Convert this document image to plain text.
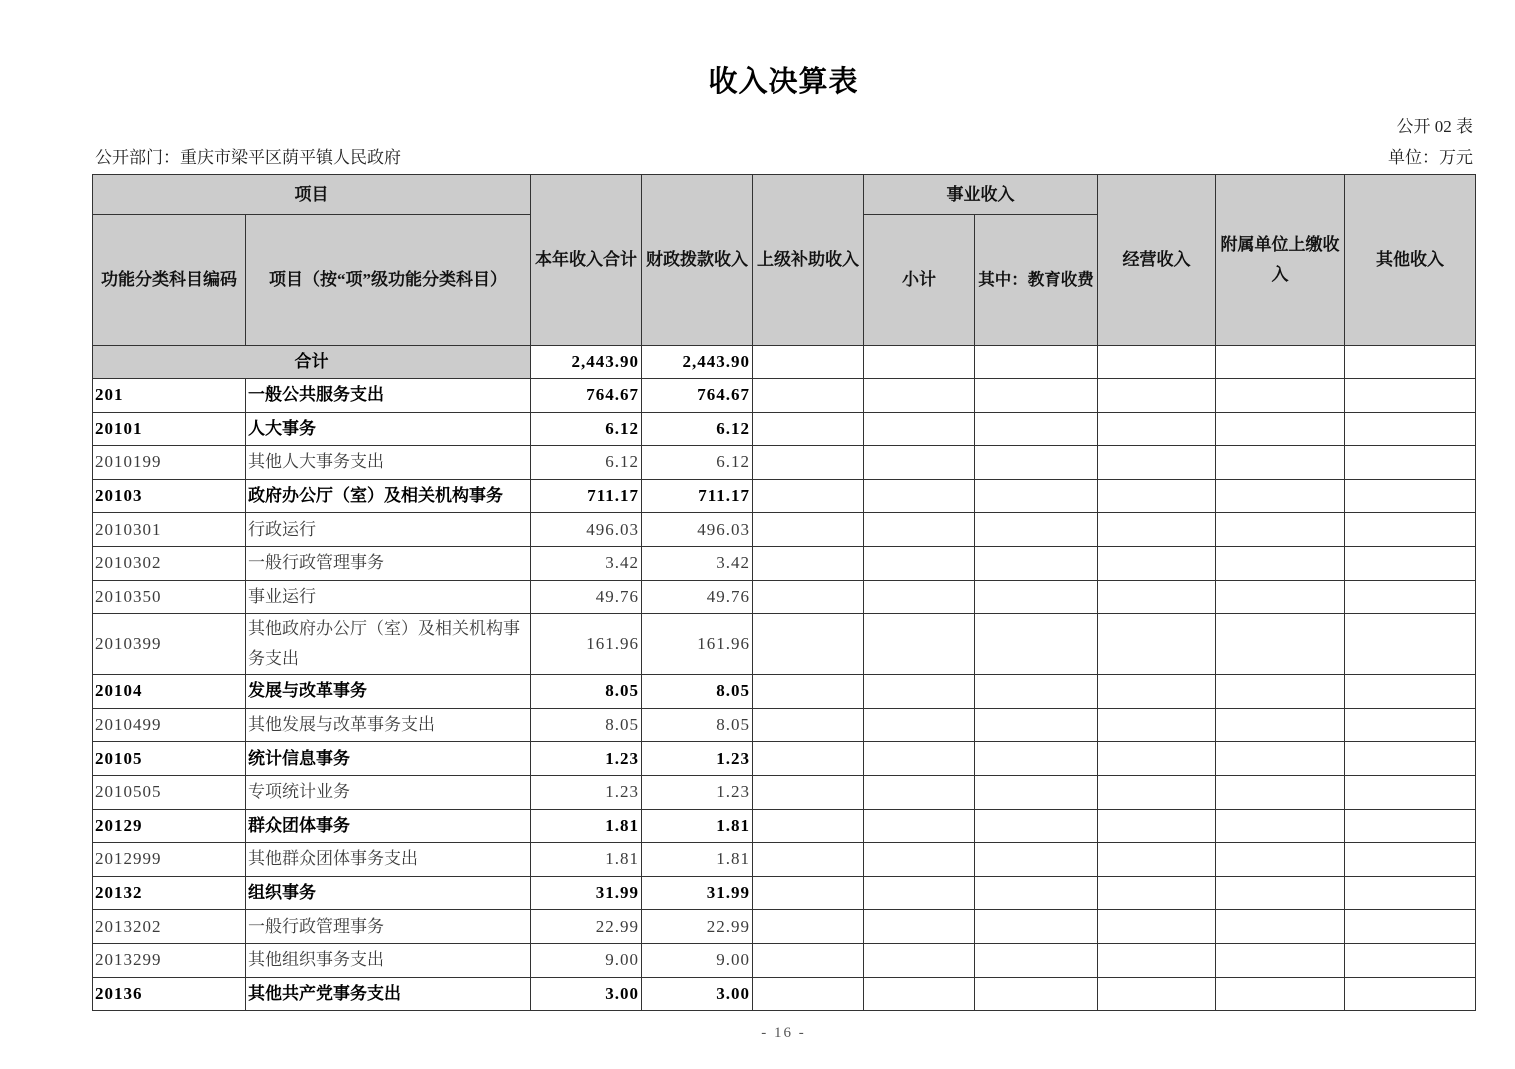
收入决算表
公开 02 表
公开部门：重庆市梁平区荫平镇人民政府	单位：万元
项目		本年收入合计	财政拨款收入	上级补助收入	事业收入		经营收入	附属单位上缴收入	其他收入
功能分类科目编码	项目（按“项”级功能分类科目）				小计	其中：教育收费			
合计		2,443.90	2,443.90						
201	一般公共服务支出	764.67	764.67						
20101	人大事务	6.12	6.12						
2010199	其他人大事务支出	6.12	6.12						
20103	政府办公厅（室）及相关机构事务	711.17	711.17						
2010301	行政运行	496.03	496.03						
2010302	一般行政管理事务	3.42	3.42						
2010350	事业运行	49.76	49.76						
2010399	其他政府办公厅（室）及相关机构事务支出	161.96	161.96						
20104	发展与改革事务	8.05	8.05						
2010499	其他发展与改革事务支出	8.05	8.05						
20105	统计信息事务	1.23	1.23						
2010505	专项统计业务	1.23	1.23						
20129	群众团体事务	1.81	1.81						
2012999	其他群众团体事务支出	1.81	1.81						
20132	组织事务	31.99	31.99						
2013202	一般行政管理事务	22.99	22.99						
2013299	其他组织事务支出	9.00	9.00						
20136	其他共产党事务支出	3.00	3.00						
- 16 -
